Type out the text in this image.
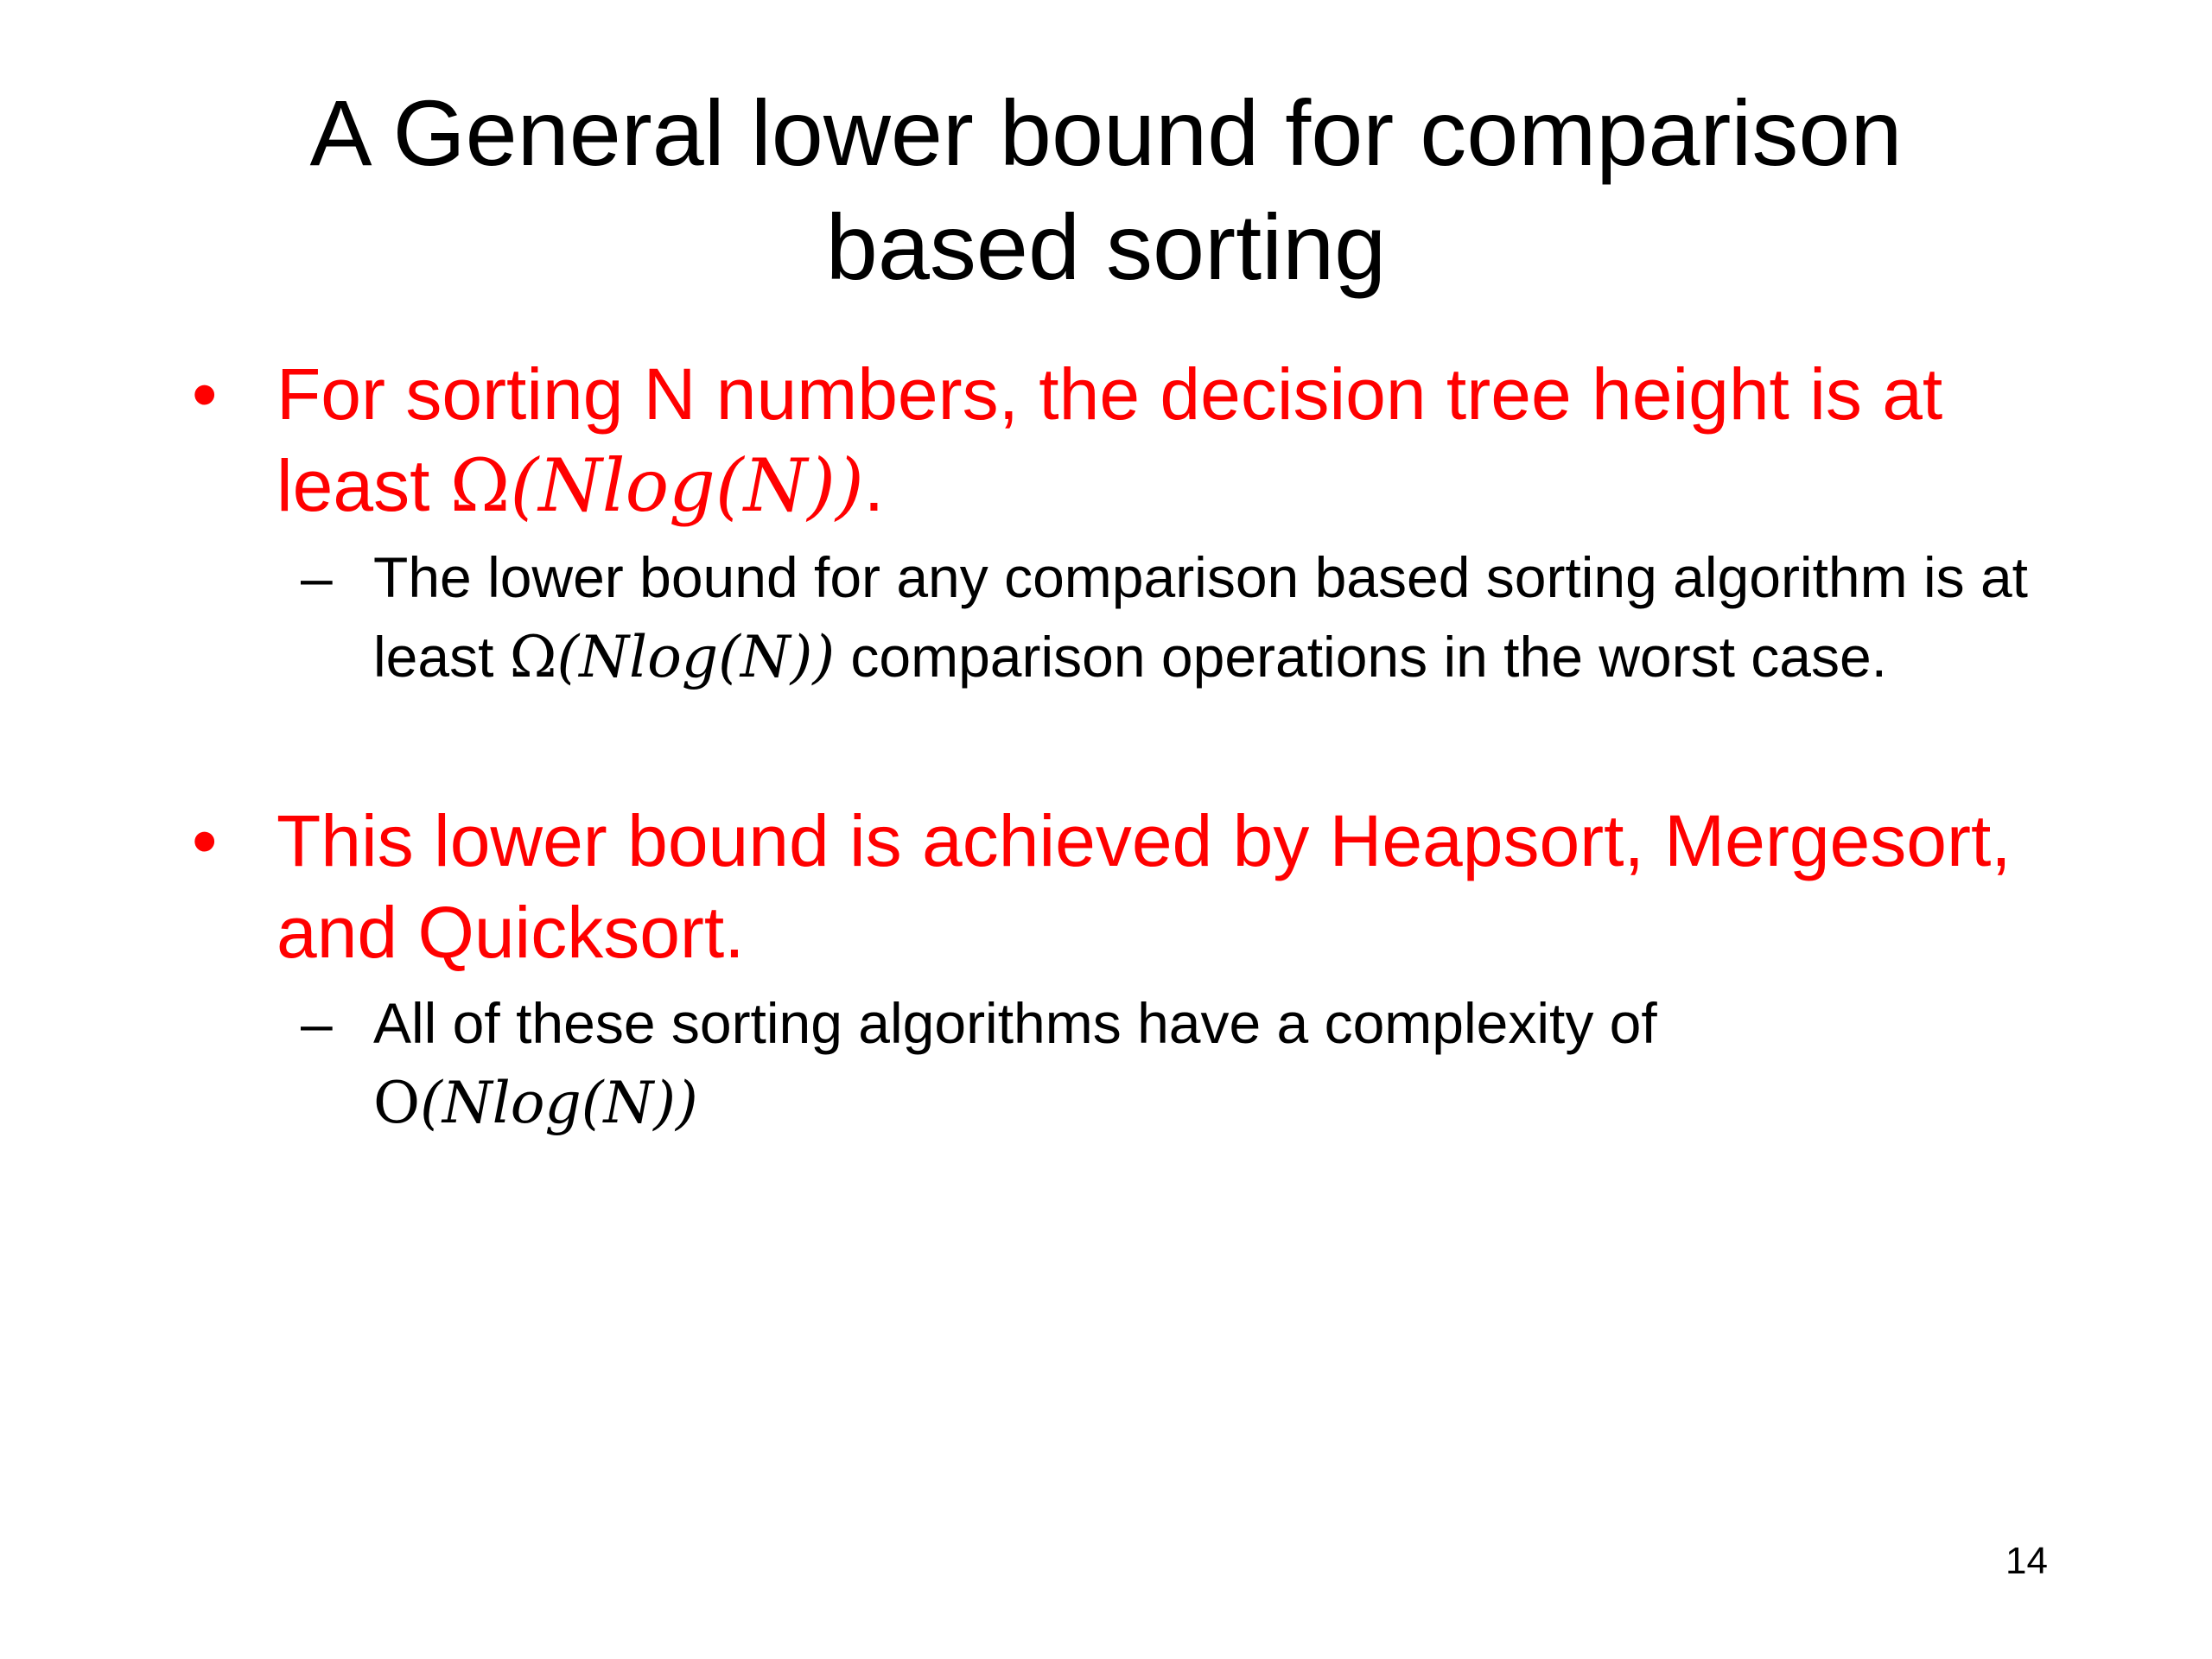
A General lower bound for comparison
based sorting
• For sorting N numbers, the decision tree height is at least Ω(Nlog(N)).
– The lower bound for any comparison based sorting algorithm is at least Ω(Nlog(N)) comparison operations in the worst case.
• This lower bound is achieved by Heapsort, Mergesort, and Quicksort.
– All of these sorting algorithms have a complexity of O(Nlog(N))
14
